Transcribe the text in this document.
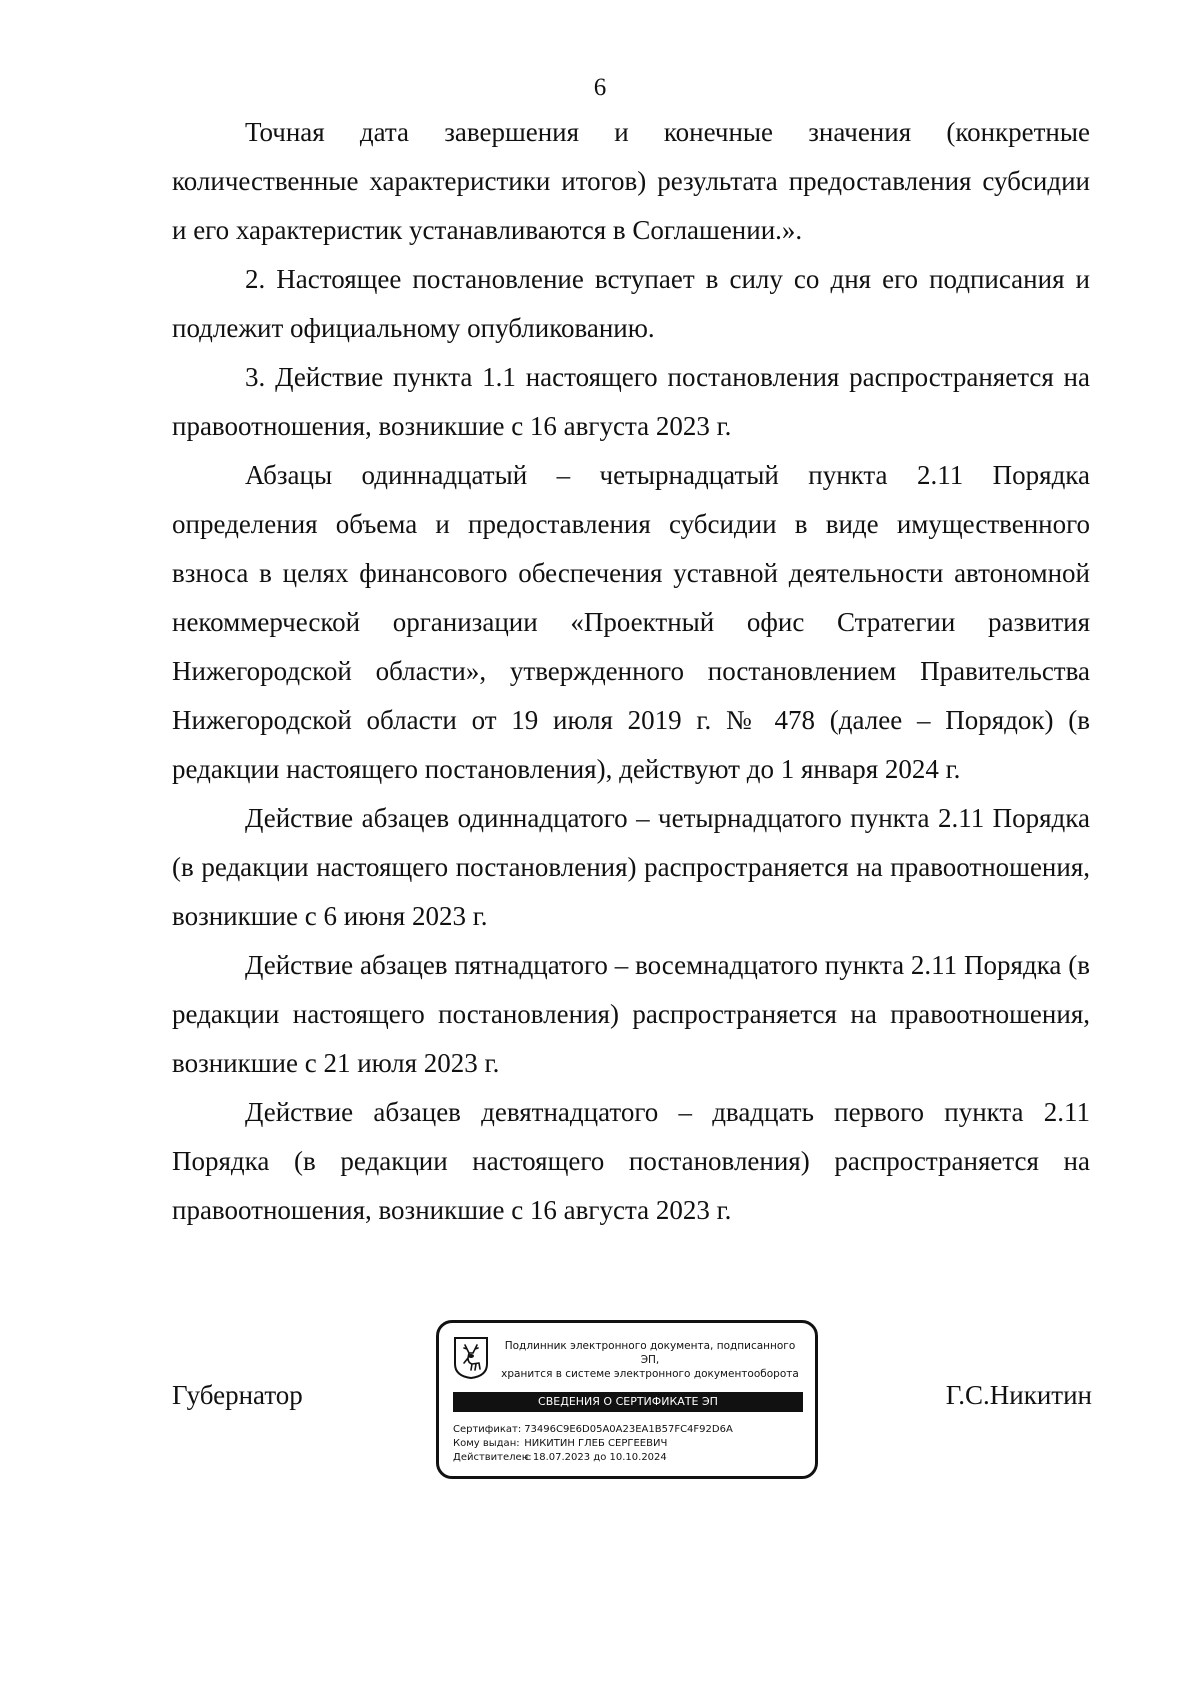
6

Точная дата завершения и конечные значения (конкретные количественные характеристики итогов) результата предоставления субсидии и его характеристик устанавливаются в Соглашении.».

2. Настоящее постановление вступает в силу со дня его подписания и подлежит официальному опубликованию.

3. Действие пункта 1.1 настоящего постановления распространяется на правоотношения, возникшие с 16 августа 2023 г.

Абзацы одиннадцатый – четырнадцатый пункта 2.11 Порядка определения объема и предоставления субсидии в виде имущественного взноса в целях финансового обеспечения уставной деятельности автономной некоммерческой организации «Проектный офис Стратегии развития Нижегородской области», утвержденного постановлением Правительства Нижегородской области от 19 июля 2019 г. № 478 (далее – Порядок) (в редакции настоящего постановления), действуют до 1 января 2024 г.

Действие абзацев одиннадцатого – четырнадцатого пункта 2.11 Порядка (в редакции настоящего постановления) распространяется на правоотношения, возникшие с 6 июня 2023 г.

Действие абзацев пятнадцатого – восемнадцатого пункта 2.11 Порядка (в редакции настоящего постановления) распространяется на правоотношения, возникшие с 21 июля 2023 г.

Действие абзацев девятнадцатого – двадцать первого пункта 2.11 Порядка (в редакции настоящего постановления) распространяется на правоотношения, возникшие с 16 августа 2023 г.

Губернатор	Г.С.Никитин
Подлинник электронного документа, подписанного ЭП,
хранится в системе электронного документооборота
СВЕДЕНИЯ О СЕРТИФИКАТЕ ЭП
Сертификат: 73496C9E6D05A0A23EA1B57FC4F92D6A
Кому выдан: НИКИТИН ГЛЕБ СЕРГЕЕВИЧ
Действителен: с 18.07.2023 до 10.10.2024
